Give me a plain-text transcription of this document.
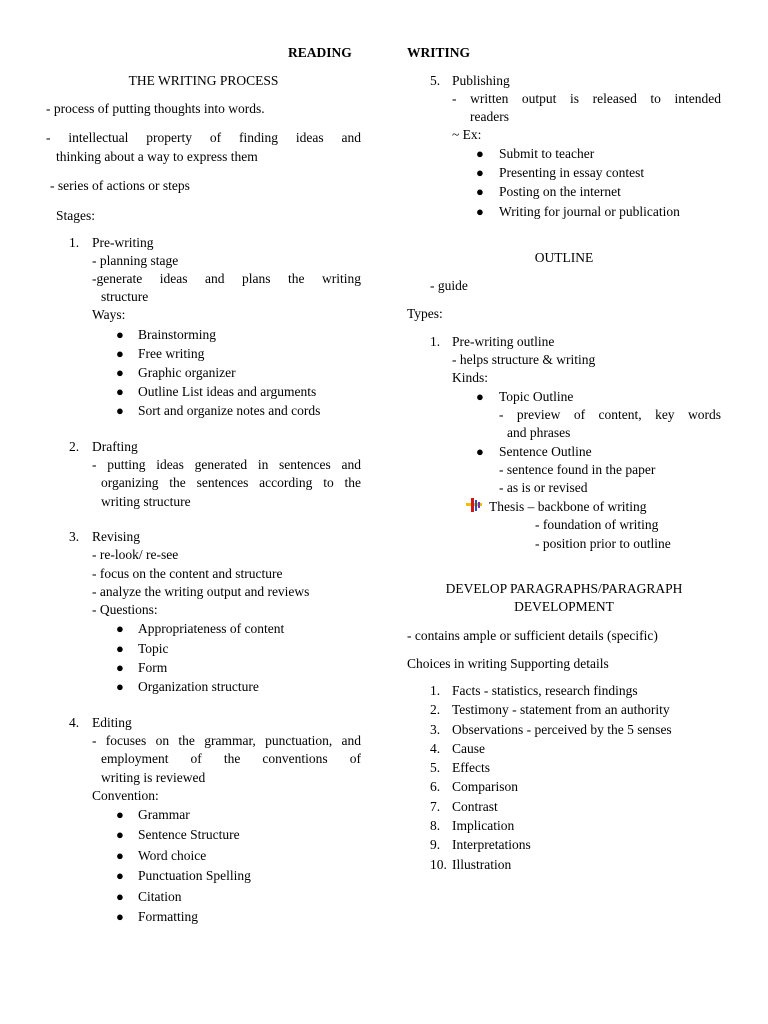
READING	WRITING
THE WRITING PROCESS
- process of putting thoughts into words.
- intellectual property of finding ideas and
thinking about a way to express them
- series of actions or steps
Stages:
1. Pre-writing
- planning stage
-generate ideas and plans the writing
structure
Ways:
● Brainstorming
● Free writing
● Graphic organizer
● Outline List ideas and arguments
● Sort and organize notes and cords
2. Drafting
- putting ideas generated in sentences and
organizing the sentences according to the
writing structure
3. Revising
- re-look/ re-see
- focus on the content and structure
- analyze the writing output and reviews
- Questions:
● Appropriateness of content
● Topic
● Form
● Organization structure
4. Editing
- focuses on the grammar, punctuation, and
employment of the conventions of
writing is reviewed
Convention:
● Grammar
● Sentence Structure
● Word choice
● Punctuation Spelling
● Citation
● Formatting
5. Publishing
- written output is released to intended
readers
~ Ex:
● Submit to teacher
● Presenting in essay contest
● Posting on the internet
● Writing for journal or publication
OUTLINE
- guide
Types:
1. Pre-writing outline
- helps structure & writing
Kinds:
● Topic Outline
- preview of content, key words
and phrases
● Sentence Outline
- sentence found in the paper
- as is or revised
Thesis – backbone of writing
- foundation of writing
- position prior to outline
DEVELOP PARAGRAPHS/PARAGRAPH
DEVELOPMENT
- contains ample or sufficient details (specific)
Choices in writing Supporting details
1. Facts - statistics, research findings
2. Testimony - statement from an authority
3. Observations - perceived by the 5 senses
4. Cause
5. Effects
6. Comparison
7. Contrast
8. Implication
9. Interpretations
10. Illustration
